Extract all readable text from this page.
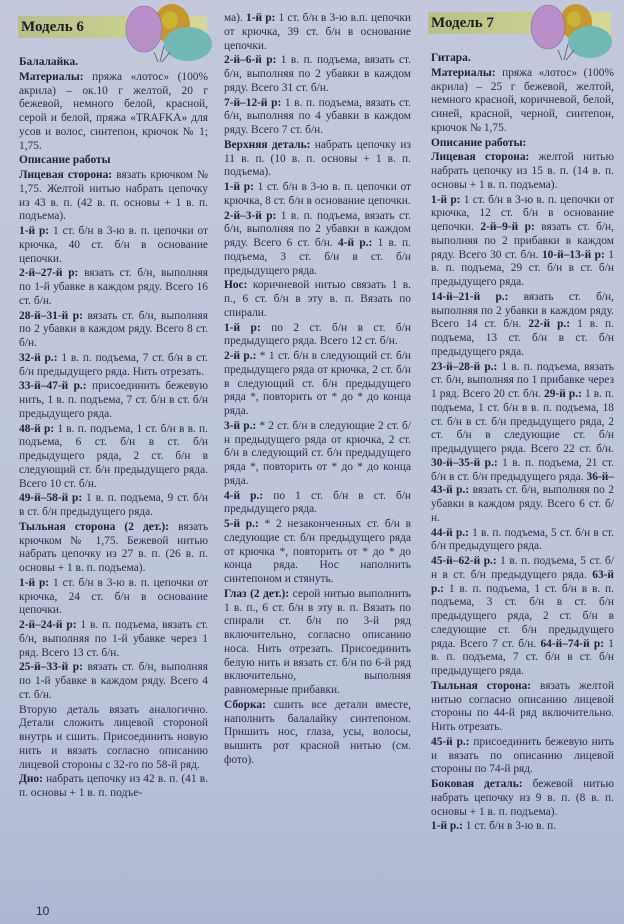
Модель 6	Модель 7

Балалайка.

Материалы: пряжа «лотос» (100% акрила) – ок.10 г желтой, 20 г бежевой, немного белой, красной, серой и белой, пряжа «TRAFKA» для усов и волос, синтепон, крючок № 1; 1,75.

Описание работы

Лицевая сторона: вязать крючком № 1,75. Желтой нитью набрать цепочку из 43 в. п. (42 в. п. основы + 1 в. п. подъема).

1-й р: 1 ст. б/н в 3-ю в. п. цепочки от крючка, 40 ст. б/н в основание цепочки.

2-й–27-й р: вязать ст. б/н, выполняя по 1-й убавке в каждом ряду. Всего 16 ст. б/н.

28-й–31-й р: вязать ст. б/н, выполняя по 2 убавки в каждом ряду. Всего 8 ст. б/н.

32-й р.: 1 в. п. подъема, 7 ст. б/н в ст. б/н предыдущего ряда. Нить отрезать.

33-й–47-й р.: присоединить бежевую нить, 1 в. п. подъема, 7 ст. б/н в ст. б/н предыдущего ряда.

48-й р: 1 в. п. подъема, 1 ст. б/н в в. п. подъема, 6 ст. б/н в ст. б/н предыдущего ряда, 2 ст. б/н в следующий ст. б/н предыдущего ряда. Всего 10 ст. б/н.

49-й–58-й р: 1 в. п. подъема, 9 ст. б/н в ст. б/н предыдущего ряда.

Тыльная сторона (2 дет.): вязать крючком № 1,75. Бежевой нитью набрать цепочку из 27 в. п. (26 в. п. основы + 1 в. п. подъема).

1-й р: 1 ст. б/н в 3-ю в. п. цепочки от крючка, 24 ст. б/н в основание цепочки.

2-й–24-й р: 1 в. п. подъема, вязать ст. б/н, выполняя по 1-й убавке через 1 ряд. Всего 13 ст. б/н.

25-й–33-й р: вязать ст. б/н, выполняя по 1-й убавке в каждом ряду. Всего 4 ст. б/н.

Вторую деталь вязать аналогично. Детали сложить лицевой стороной внутрь и сшить. Присоединить новую нить и вязать согласно описанию лицевой стороны с 32-го по 58-й ряд.

Дно: набрать цепочку из 42 в. п. (41 в. п. основы + 1 в. п. подъе-

ма). 1-й р: 1 ст. б/н в 3-ю в.п. цепочки от крючка, 39 ст. б/н в основание цепочки.

2-й–6-й р: 1 в. п. подъема, вязать ст. б/н, выполняя по 2 убавки в каждом ряду. Всего 31 ст. б/н.

7-й–12-й р: 1 в. п. подъема, вязать ст. б/н, выполняя по 4 убавки в каждом ряду. Всего 7 ст. б/н.

Верхняя деталь: набрать цепочку из 11 в. п. (10 в. п. основы + 1 в. п. подъема).

1-й р: 1 ст. б/н в 3-ю в. п. цепочки от крючка, 8 ст. б/н в основание цепочки.

2-й–3-й р: 1 в. п. подъема, вязать ст. б/н, выполняя по 2 убавки в каждом ряду. Всего 6 ст. б/н. 4-й р.: 1 в. п. подъема, 3 ст. б/н в ст. б/н предыдущего ряда.

Нос: коричневой нитью связать 1 в. п., 6 ст. б/н в эту в. п. Вязать по спирали.

1-й р: по 2 ст. б/н в ст. б/н предыдущего ряда. Всего 12 ст. б/н.

2-й р.: * 1 ст. б/н в следующий ст. б/н предыдущего ряда от крючка, 2 ст. б/н в следующий ст. б/н предыдущего ряда *, повторить от * до * до конца ряда.

3-й р.: * 2 ст. б/н в следующие 2 ст. б/н предыдущего ряда от крючка, 2 ст. б/н в следующий ст. б/н предыдущего ряда *, повторить от * до * до конца ряда.

4-й р.: по 1 ст. б/н в ст. б/н предыдущего ряда.

5-й р.: * 2 незаконченных ст. б/н в следующие ст. б/н предыдущего ряда от крючка *, повторить от * до * до конца ряда. Нос наполнить синтепоном и стянуть.

Глаз (2 дет.): серой нитью выполнить 1 в. п., 6 ст. б/н в эту в. п. Вязать по спирали ст. б/н по 3-й ряд включительно, согласно описанию носа. Нить отрезать. Присоединить белую нить и вязать ст. б/н по 6-й ряд включительно, выполняя равномерные прибавки.

Сборка: сшить все детали вместе, наполнить балалайку синтепоном. Пришить нос, глаза, усы, волосы, вышить рот красной нитью (см. фото).

Гитара.

Материалы: пряжа «лотос» (100% акрила) – 25 г бежевой, желтой, немного красной, коричневой, белой, синей, красной, черной, синтепон, крючок № 1,75.

Описание работы:

Лицевая сторона: желтой нитью набрать цепочку из 15 в. п. (14 в. п. основы + 1 в. п. подъема).

1-й р: 1 ст. б/н в 3-ю в. п. цепочки от крючка, 12 ст. б/н в основание цепочки. 2-й–9-й р: вязать ст. б/н, выполняя по 2 прибавки в каждом ряду. Всего 30 ст. б/н. 10-й–13-й р: 1 в. п. подъема, 29 ст. б/н в ст. б/н предыдущего ряда.

14-й–21-й р.: вязать ст. б/н, выполняя по 2 убавки в каждом ряду. Всего 14 ст. б/н. 22-й р.: 1 в. п. подъема, 13 ст. б/н в ст. б/н предыдущего ряда.

23-й–28-й р.: 1 в. п. подъема, вязать ст. б/н, выполняя по 1 прибавке через 1 ряд. Всего 20 ст. б/н. 29-й р.: 1 в. п. подъема, 1 ст. б/н в в. п. подъема, 18 ст. б/н в ст. б/н предыдущего ряда, 2 ст. б/н в следующие ст. б/н предыдущего ряда. Всего 22 ст. б/н. 30-й–35-й р.: 1 в. п. подъема, 21 ст. б/н в ст. б/н предыдущего ряда. 36-й–43-й р.: вязать ст. б/н, выполняя по 2 убавки в каждом ряду. Всего 6 ст. б/н.

44-й р.: 1 в. п. подъема, 5 ст. б/н в ст. б/н предыдущего ряда.

45-й–62-й р.: 1 в. п. подъема, 5 ст. б/н в ст. б/н предыдущего ряда. 63-й р.: 1 в. п. подъема, 1 ст. б/н в в. п. подъема, 3 ст. б/н в ст. б/н предыдущего ряда, 2 ст. б/н в следующие ст. б/н предыдущего ряда. Всего 7 ст. б/н. 64-й–74-й р: 1 в. п. подъема, 7 ст. б/н в ст. б/н предыдущего ряда.

Тыльная сторона: вязать желтой нитью согласно описанию лицевой стороны по 44-й ряд включительно. Нить отрезать.

45-й р.: присоединить бежевую нить и вязать по описанию лицевой стороны по 74-й ряд.

Боковая деталь: бежевой нитью набрать цепочку из 9 в. п. (8 в. п. основы + 1 в. п. подъема).

1-й р.: 1 ст. б/н в 3-ю в. п.

10
